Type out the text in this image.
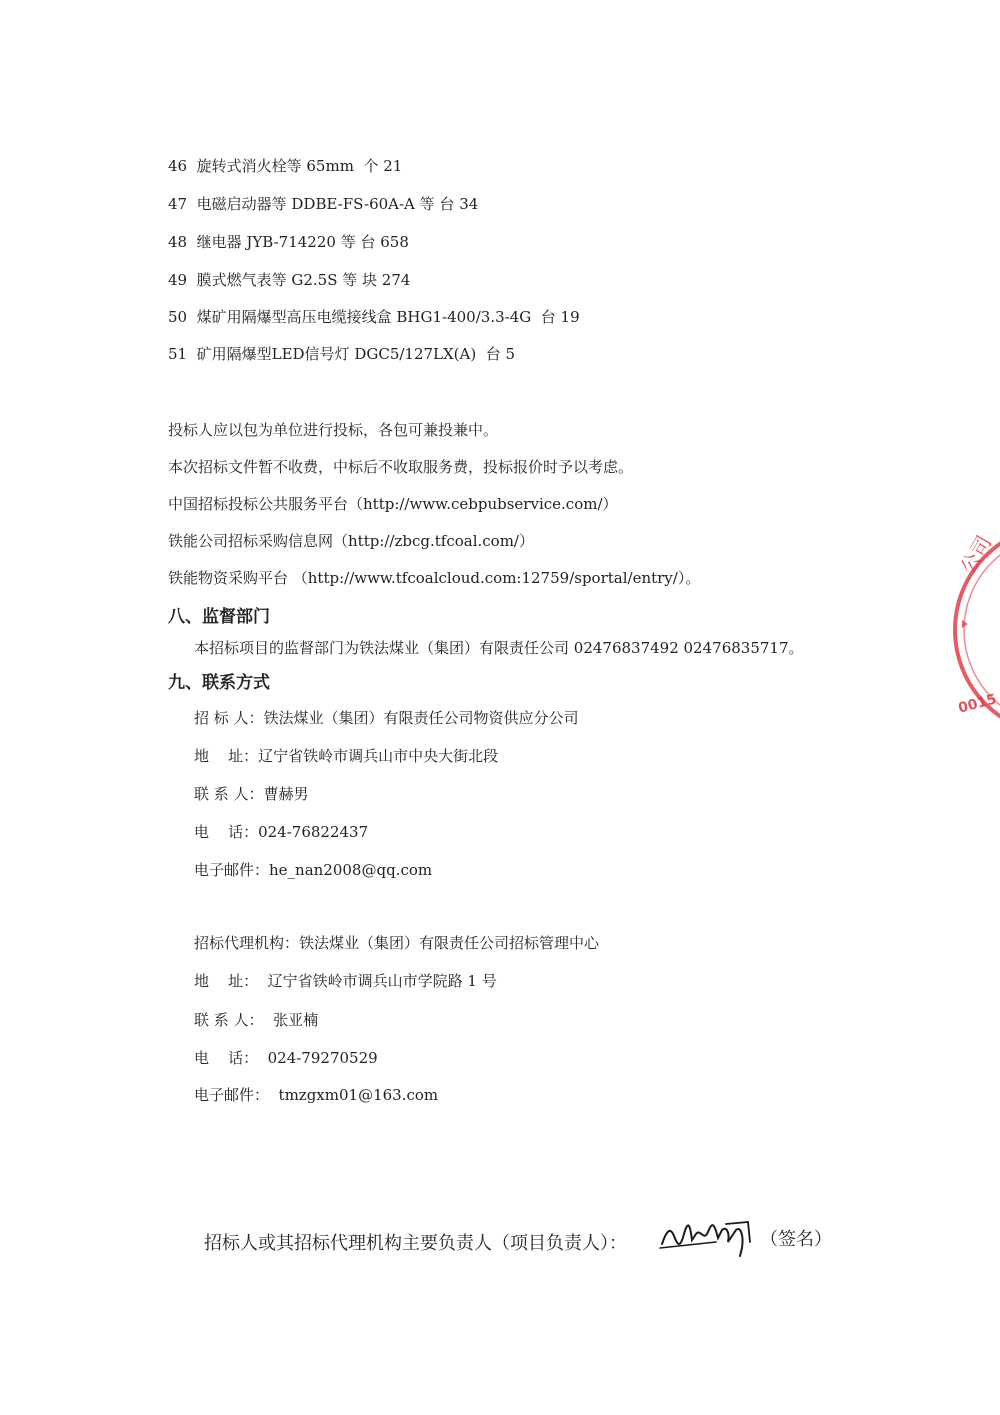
46  旋转式消火栓等 65mm  个 21
47  电磁启动器等 DDBE-FS-60A-A 等 台 34
48  继电器 JYB-714220 等 台 658
49  膜式燃气表等 G2.5S 等 块 274
50  煤矿用隔爆型高压电缆接线盒 BHG1-400/3.3-4G  台 19
51  矿用隔爆型LED信号灯 DGC5/127LX(A)  台 5
投标人应以包为单位进行投标，各包可兼投兼中。
本次招标文件暂不收费，中标后不收取服务费，投标报价时予以考虑。
中国招标投标公共服务平台（http://www.cebpubservice.com/）
铁能公司招标采购信息网（http://zbcg.tfcoal.com/）
铁能物资采购平台 （http://www.tfcoalcloud.com:12759/sportal/entry/）。
八、监督部门
本招标项目的监督部门为铁法煤业（集团）有限责任公司 02476837492 02476835717。
九、联系方式
招 标 人：铁法煤业（集团）有限责任公司物资供应分公司
地    址：辽宁省铁岭市调兵山市中央大街北段
联 系 人：曹赫男
电    话：024-76822437
电子邮件：he_nan2008@qq.com
招标代理机构：铁法煤业（集团）有限责任公司招标管理中心
地    址：  辽宁省铁岭市调兵山市学院路 1 号
联 系 人：  张亚楠
电    话：  024-79270529
电子邮件：  tmzgxm01@163.com
招标人或其招标代理机构主要负责人（项目负责人）：	（签名）
公司
0015
